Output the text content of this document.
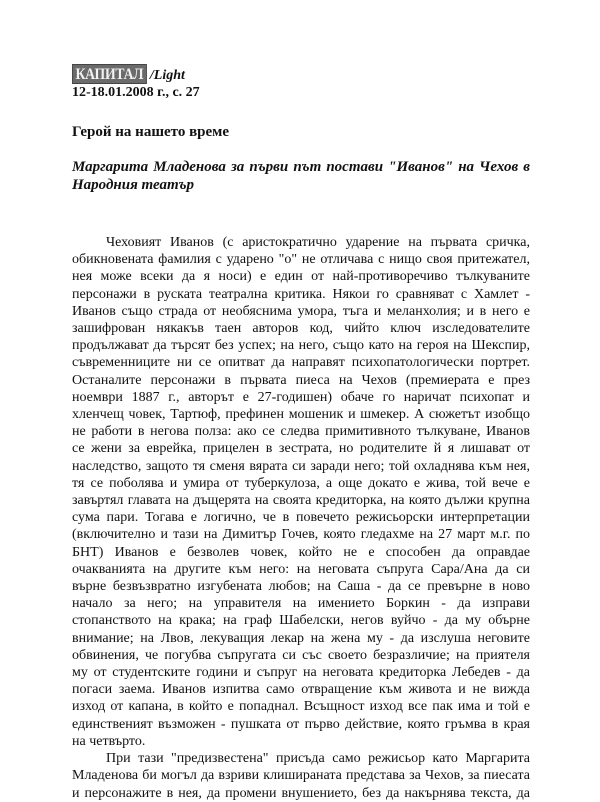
КАПИТАЛ /Light
12-18.01.2008 г., с. 27
Герой на нашето време
Маргарита Младенова за първи път постави "Иванов" на Чехов в Народния театър

Чеховият Иванов (с аристократично ударение на първата сричка,
обикновената фамилия с ударено "о" не отличава с нищо своя притежател,
нея може всеки да я носи) е един от най-противоречиво тълкуваните
персонажи в руската театрална критика. Някои го сравняват с Хамлет -
Иванов също страда от необяснима умора, тъга и меланхолия; и в него е
зашифрован някакъв таен авторов код, чийто ключ изследователите
продължават да търсят без успех; на него, също като на героя на Шекспир,
съвременниците ни се опитват да направят психопатологически портрет.
Останалите персонажи в първата пиеса на Чехов (премиерата е през
ноември 1887 г., авторът е 27-годишен) обаче го наричат психопат и
хленчещ човек, Тартюф, префинен мошеник и шмекер. А сюжетът изобщо
не работи в негова полза: ако се следва примитивното тълкуване, Иванов
се жени за еврейка, прицелен в зестрата, но родителите й я лишават от
наследство, защото тя сменя вярата си заради него; той охладнява към нея,
тя се поболява и умира от туберкулоза, а още докато е жива, той вече е
завъртял главата на дъщерята на своята кредиторка, на която дължи крупна
сума пари. Тогава е логично, че в повечето режисьорски интерпретации
(включително и тази на Димитър Гочев, която гледахме на 27 март м.г. по
БНТ) Иванов е безволев човек, който не е способен да оправдае
очакванията на другите към него: на неговата съпруга Сара/Ана да си
върне безвъзвратно изгубената любов; на Саша - да се превърне в ново
начало за него; на управителя на имението Боркин - да изправи
стопанството на крака; на граф Шабелски, негов вуйчо - да му обърне
внимание; на Лвов, лекуващия лекар на жена му - да изслуша неговите
обвинения, че погубва съпругата си със своето безразличие; на приятеля
му от студентските години и съпруг на неговата кредиторка Лебедев - да
погаси заема. Иванов изпитва само отвращение към живота и не вижда
изход от капана, в който е попаднал. Всъщност изход все пак има и той е
единственият възможен - пушката от първо действие, която гръмва в края
на четвърто.

При тази "предизвестена" присъда само режисьор като Маргарита
Младенова би могъл да взриви клишираната представа за Чехов, за пиесата
и персонажите в нея, да промени внушението, без да накърнява текста, да
